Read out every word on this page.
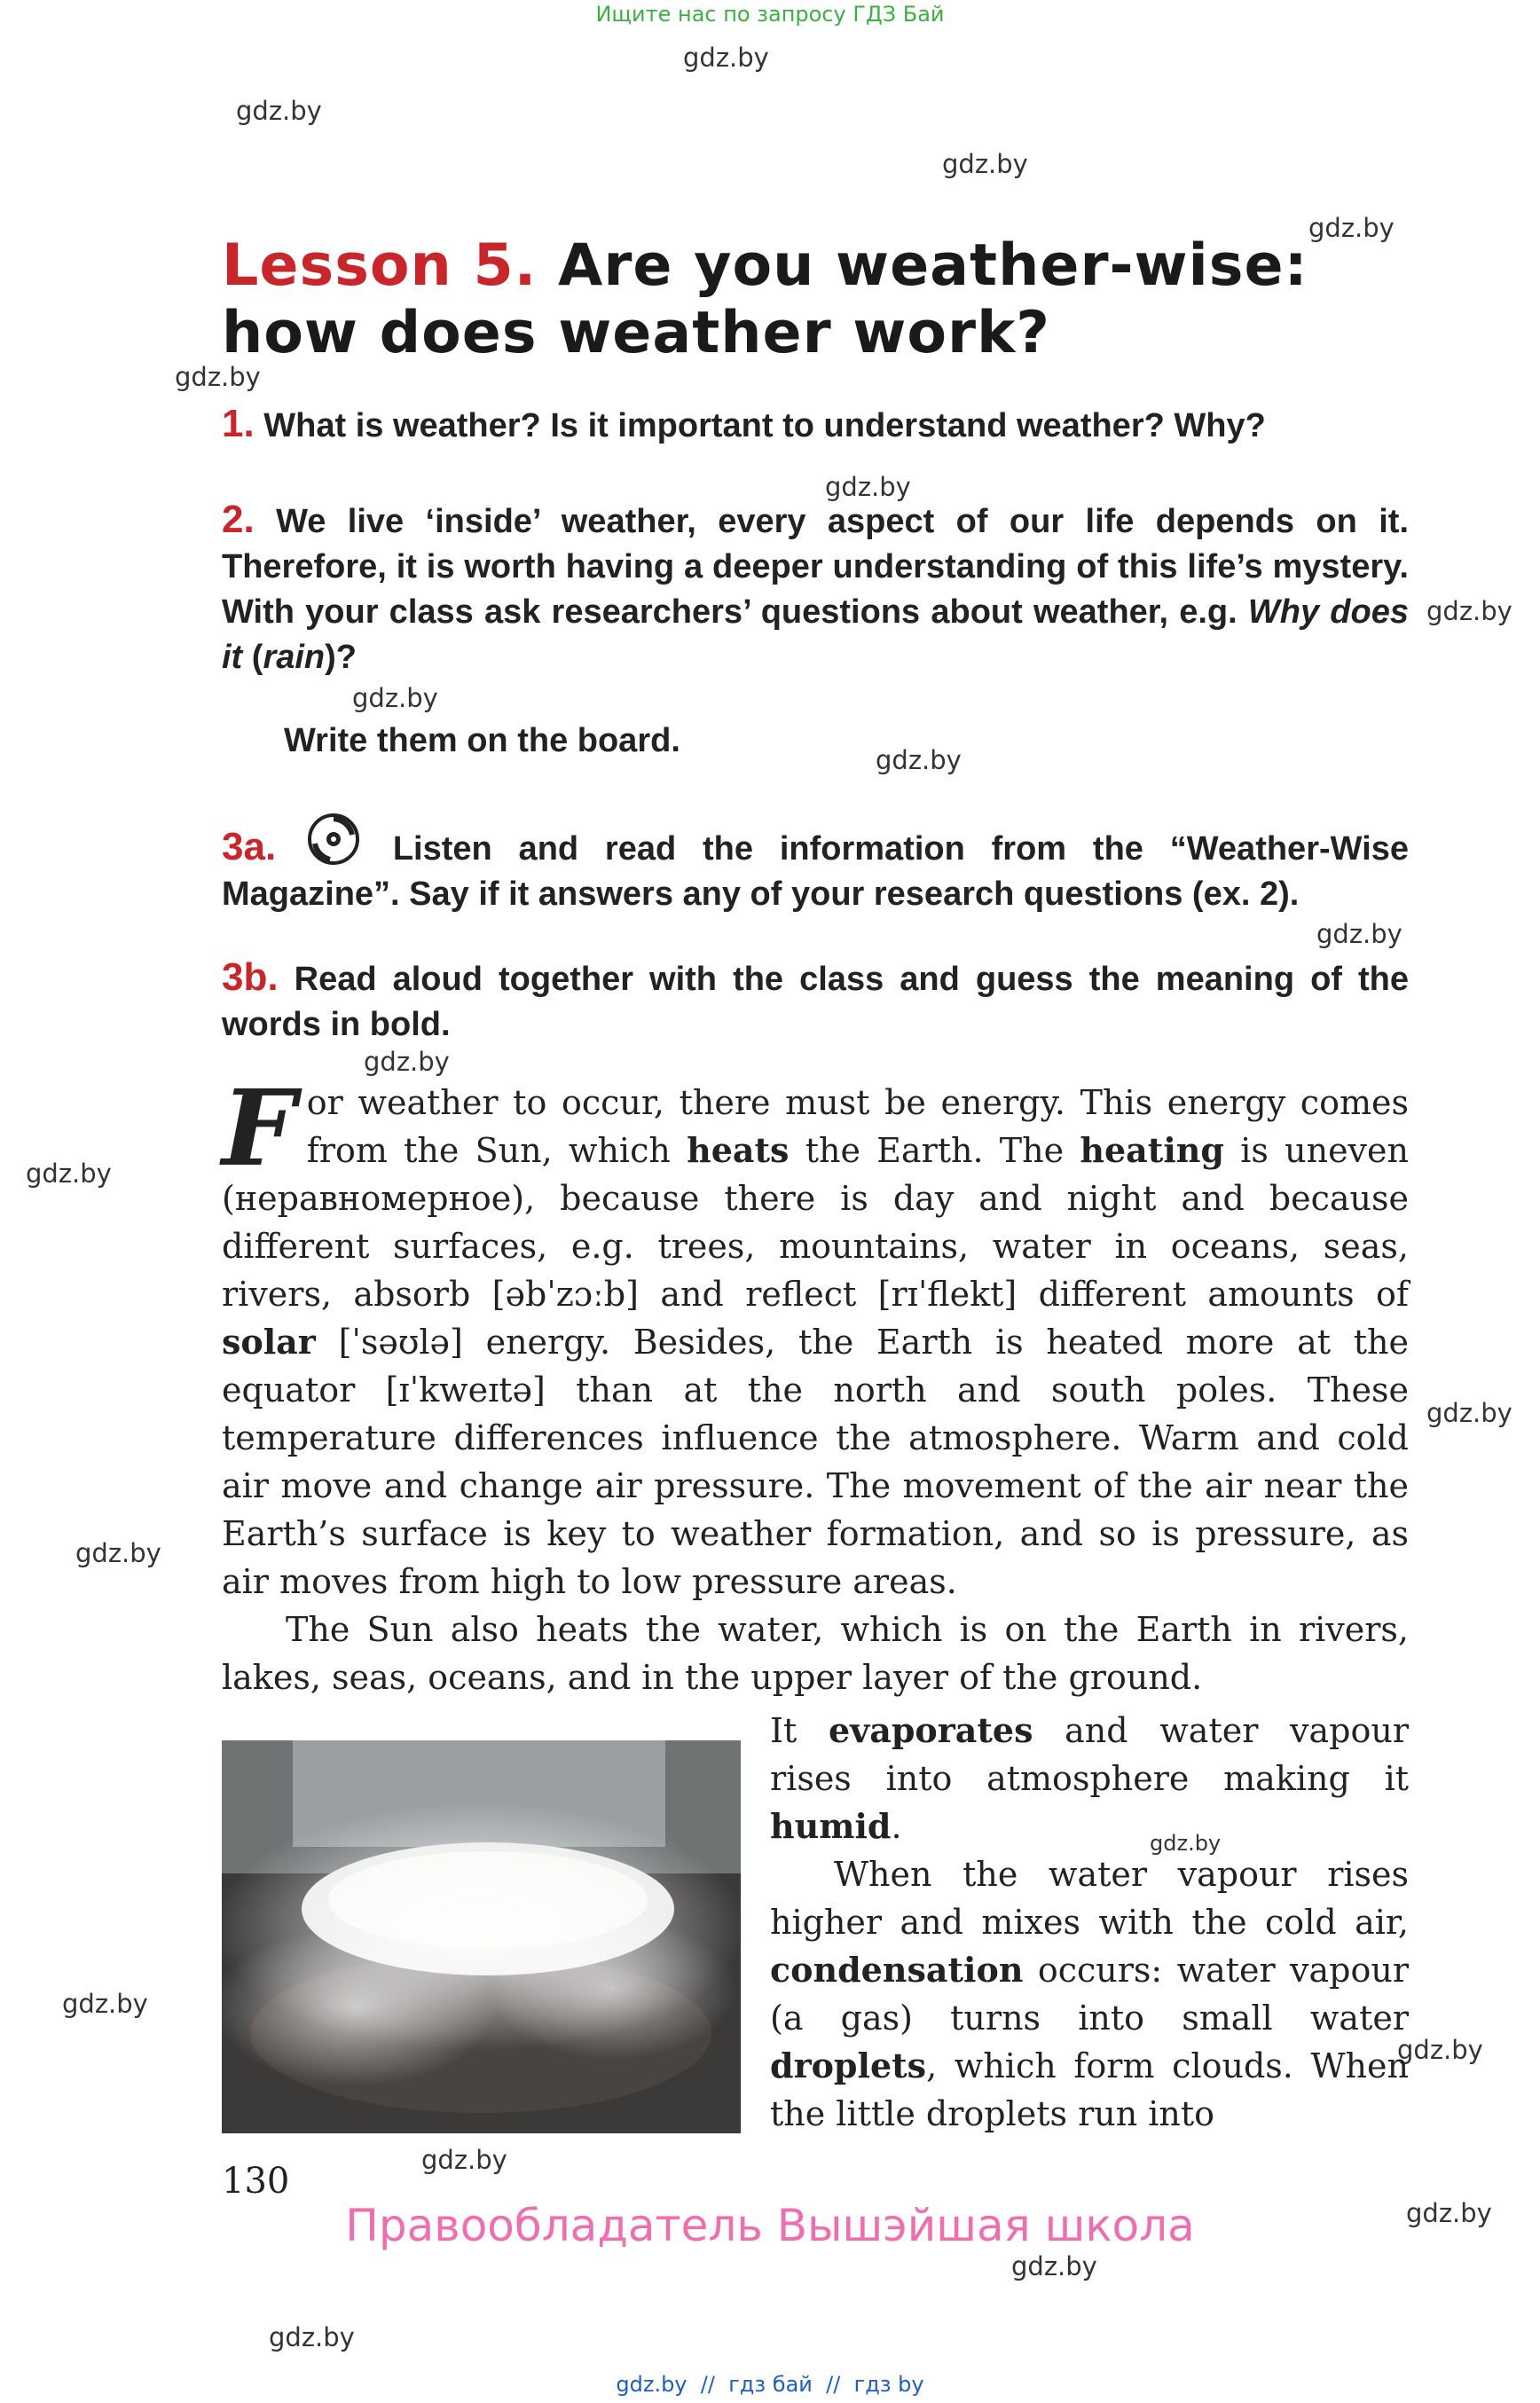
Ищите нас по запросу ГДЗ Бай
gdz.by
gdz.by
gdz.by
gdz.by
gdz.by
gdz.by
gdz.by
gdz.by
gdz.by
gdz.by
gdz.by
gdz.by
gdz.by
gdz.by
gdz.by
gdz.by
gdz.by
gdz.by
gdz.by
gdz.by
gdz.by
Lesson 5. Are you weather-wise:
how does weather work?
1. What is weather? Is it important to understand weather? Why?
2. We live ‘inside’ weather, every aspect of our life depends on it. Therefore, it is worth having a deeper understanding of this life’s mystery. With your class ask researchers’ questions about weather, e.g. Why does it (rain)?
Write them on the board.
3a.	Listen and read the information from the “Weather-Wise Magazine”. Say if it answers any of your research questions (ex. 2).
3b. Read aloud together with the class and guess the meaning of the words in bold.

For weather to occur, there must be energy. This energy comes from the Sun, which heats the Earth. The heating is uneven (неравномерное), because there is day and night and because different surfaces, e.g. trees, mountains, water in oceans, seas, rivers, absorb [əbˈzɔːb] and reflect [rɪˈflekt] different amounts of solar [ˈsəʊlə] energy. Besides, the Earth is heated more at the equator [ɪˈkweɪtə] than at the north and south poles. These temperature differences influence the atmosphere. Warm and cold air move and change air pressure. The movement of the air near the Earth’s surface is key to weather formation, and so is pressure, as air moves from high to low pressure areas.

The Sun also heats the water, which is on the Earth in rivers, lakes, seas, oceans, and in the upper layer of the ground.

It evaporates and water vapour rises into atmosphere making it humid.

When the water vapour rises higher and mixes with the cold air, condensation occurs: water vapour (a gas) turns into small water droplets, which form clouds. When the little droplets run into

130
Правообладатель Вышэйшая школа
gdz.by  //  гдз бай  //  гдз by
